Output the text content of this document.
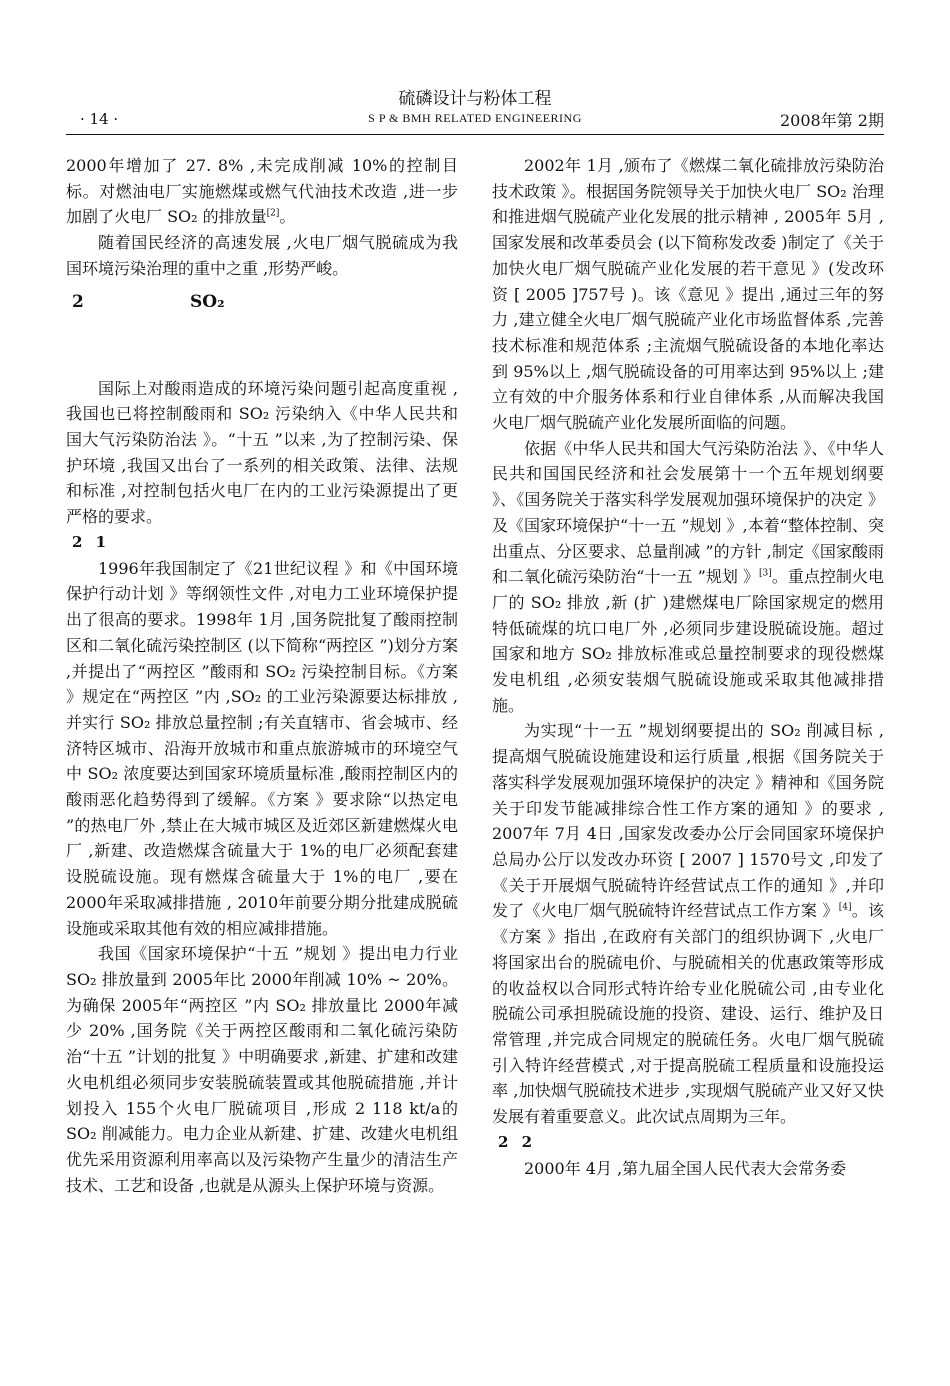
硫磷设计与粉体工程
S P & BMH RELATED ENGINEERING
· 14 ·	2008年第 2期

2000年增加了 27. 8% ,未完成削减 10%的控制目标。对燃油电厂实施燃煤或燃气代油技术改造 ,进一步加剧了火电厂 SO₂ 的排放量[2]。

随着国民经济的高速发展 ,火电厂烟气脱硫成为我国环境污染治理的重中之重 ,形势严峻。

2	SO₂

国际上对酸雨造成的环境污染问题引起高度重视 ,我国也已将控制酸雨和 SO₂ 污染纳入《中华人民共和国大气污染防治法 》。“十五 ”以来 ,为了控制污染、保护环境 ,我国又出台了一系列的相关政策、法律、法规和标准 ,对控制包括火电厂在内的工业污染源提出了更严格的要求。

2 1

1996年我国制定了《21世纪议程 》和《中国环境保护行动计划 》等纲领性文件 ,对电力工业环境保护提出了很高的要求。1998年 1月 ,国务院批复了酸雨控制区和二氧化硫污染控制区 (以下简称“两控区 ”)划分方案 ,并提出了“两控区 ”酸雨和 SO₂ 污染控制目标。《方案 》规定在“两控区 ”内 ,SO₂ 的工业污染源要达标排放 ,并实行 SO₂ 排放总量控制 ;有关直辖市、省会城市、经济特区城市、沿海开放城市和重点旅游城市的环境空气中 SO₂ 浓度要达到国家环境质量标准 ,酸雨控制区内的酸雨恶化趋势得到了缓解。《方案 》要求除“以热定电 ”的热电厂外 ,禁止在大城市城区及近郊区新建燃煤火电厂 ,新建、改造燃煤含硫量大于 1%的电厂必须配套建设脱硫设施。现有燃煤含硫量大于 1%的电厂 ,要在 2000年采取减排措施 , 2010年前要分期分批建成脱硫设施或采取其他有效的相应减排措施。

我国《国家环境保护“十五 ”规划 》提出电力行业 SO₂ 排放量到 2005年比 2000年削减 10% ~ 20%。为确保 2005年“两控区 ”内 SO₂ 排放量比 2000年减少 20% ,国务院《关于两控区酸雨和二氧化硫污染防治“十五 ”计划的批复 》中明确要求 ,新建、扩建和改建火电机组必须同步安装脱硫装置或其他脱硫措施 ,并计划投入 155个火电厂脱硫项目 ,形成 2 118 kt/a的 SO₂ 削减能力。电力企业从新建、扩建、改建火电机组优先采用资源利用率高以及污染物产生量少的清洁生产技术、工艺和设备 ,也就是从源头上保护环境与资源。

2002年 1月 ,颁布了《燃煤二氧化硫排放污染防治技术政策 》。根据国务院领导关于加快火电厂 SO₂ 治理和推进烟气脱硫产业化发展的批示精神 , 2005年 5月 ,国家发展和改革委员会 (以下简称发改委 )制定了《关于加快火电厂烟气脱硫产业化发展的若干意见 》(发改环资 [ 2005 ]757号 )。该《意见 》提出 ,通过三年的努力 ,建立健全火电厂烟气脱硫产业化市场监督体系 ,完善技术标准和规范体系 ;主流烟气脱硫设备的本地化率达到 95%以上 ,烟气脱硫设备的可用率达到 95%以上 ;建立有效的中介服务体系和行业自律体系 ,从而解决我国火电厂烟气脱硫产业化发展所面临的问题。

依据《中华人民共和国大气污染防治法 》、《中华人民共和国国民经济和社会发展第十一个五年规划纲要 》、《国务院关于落实科学发展观加强环境保护的决定 》及《国家环境保护“十一五 ”规划 》,本着“整体控制、突出重点、分区要求、总量削减 ”的方针 ,制定《国家酸雨和二氧化硫污染防治“十一五 ”规划 》[3]。重点控制火电厂的 SO₂ 排放 ,新 (扩 )建燃煤电厂除国家规定的燃用特低硫煤的坑口电厂外 ,必须同步建设脱硫设施。超过国家和地方 SO₂ 排放标准或总量控制要求的现役燃煤发电机组 ,必须安装烟气脱硫设施或采取其他减排措施。

为实现“十一五 ”规划纲要提出的 SO₂ 削减目标 ,提高烟气脱硫设施建设和运行质量 ,根据《国务院关于落实科学发展观加强环境保护的决定 》精神和《国务院关于印发节能减排综合性工作方案的通知 》的要求 , 2007年 7月 4日 ,国家发改委办公厅会同国家环境保护总局办公厅以发改办环资 [ 2007 ] 1570号文 ,印发了《关于开展烟气脱硫特许经营试点工作的通知 》,并印发了《火电厂烟气脱硫特许经营试点工作方案 》[4]。该《方案 》指出 ,在政府有关部门的组织协调下 ,火电厂将国家出台的脱硫电价、与脱硫相关的优惠政策等形成的收益权以合同形式特许给专业化脱硫公司 ,由专业化脱硫公司承担脱硫设施的投资、建设、运行、维护及日常管理 ,并完成合同规定的脱硫任务。火电厂烟气脱硫引入特许经营模式 ,对于提高脱硫工程质量和设施投运率 ,加快烟气脱硫技术进步 ,实现烟气脱硫产业又好又快发展有着重要意义。此次试点周期为三年。

2 2

2000年 4月 ,第九届全国人民代表大会常务委
